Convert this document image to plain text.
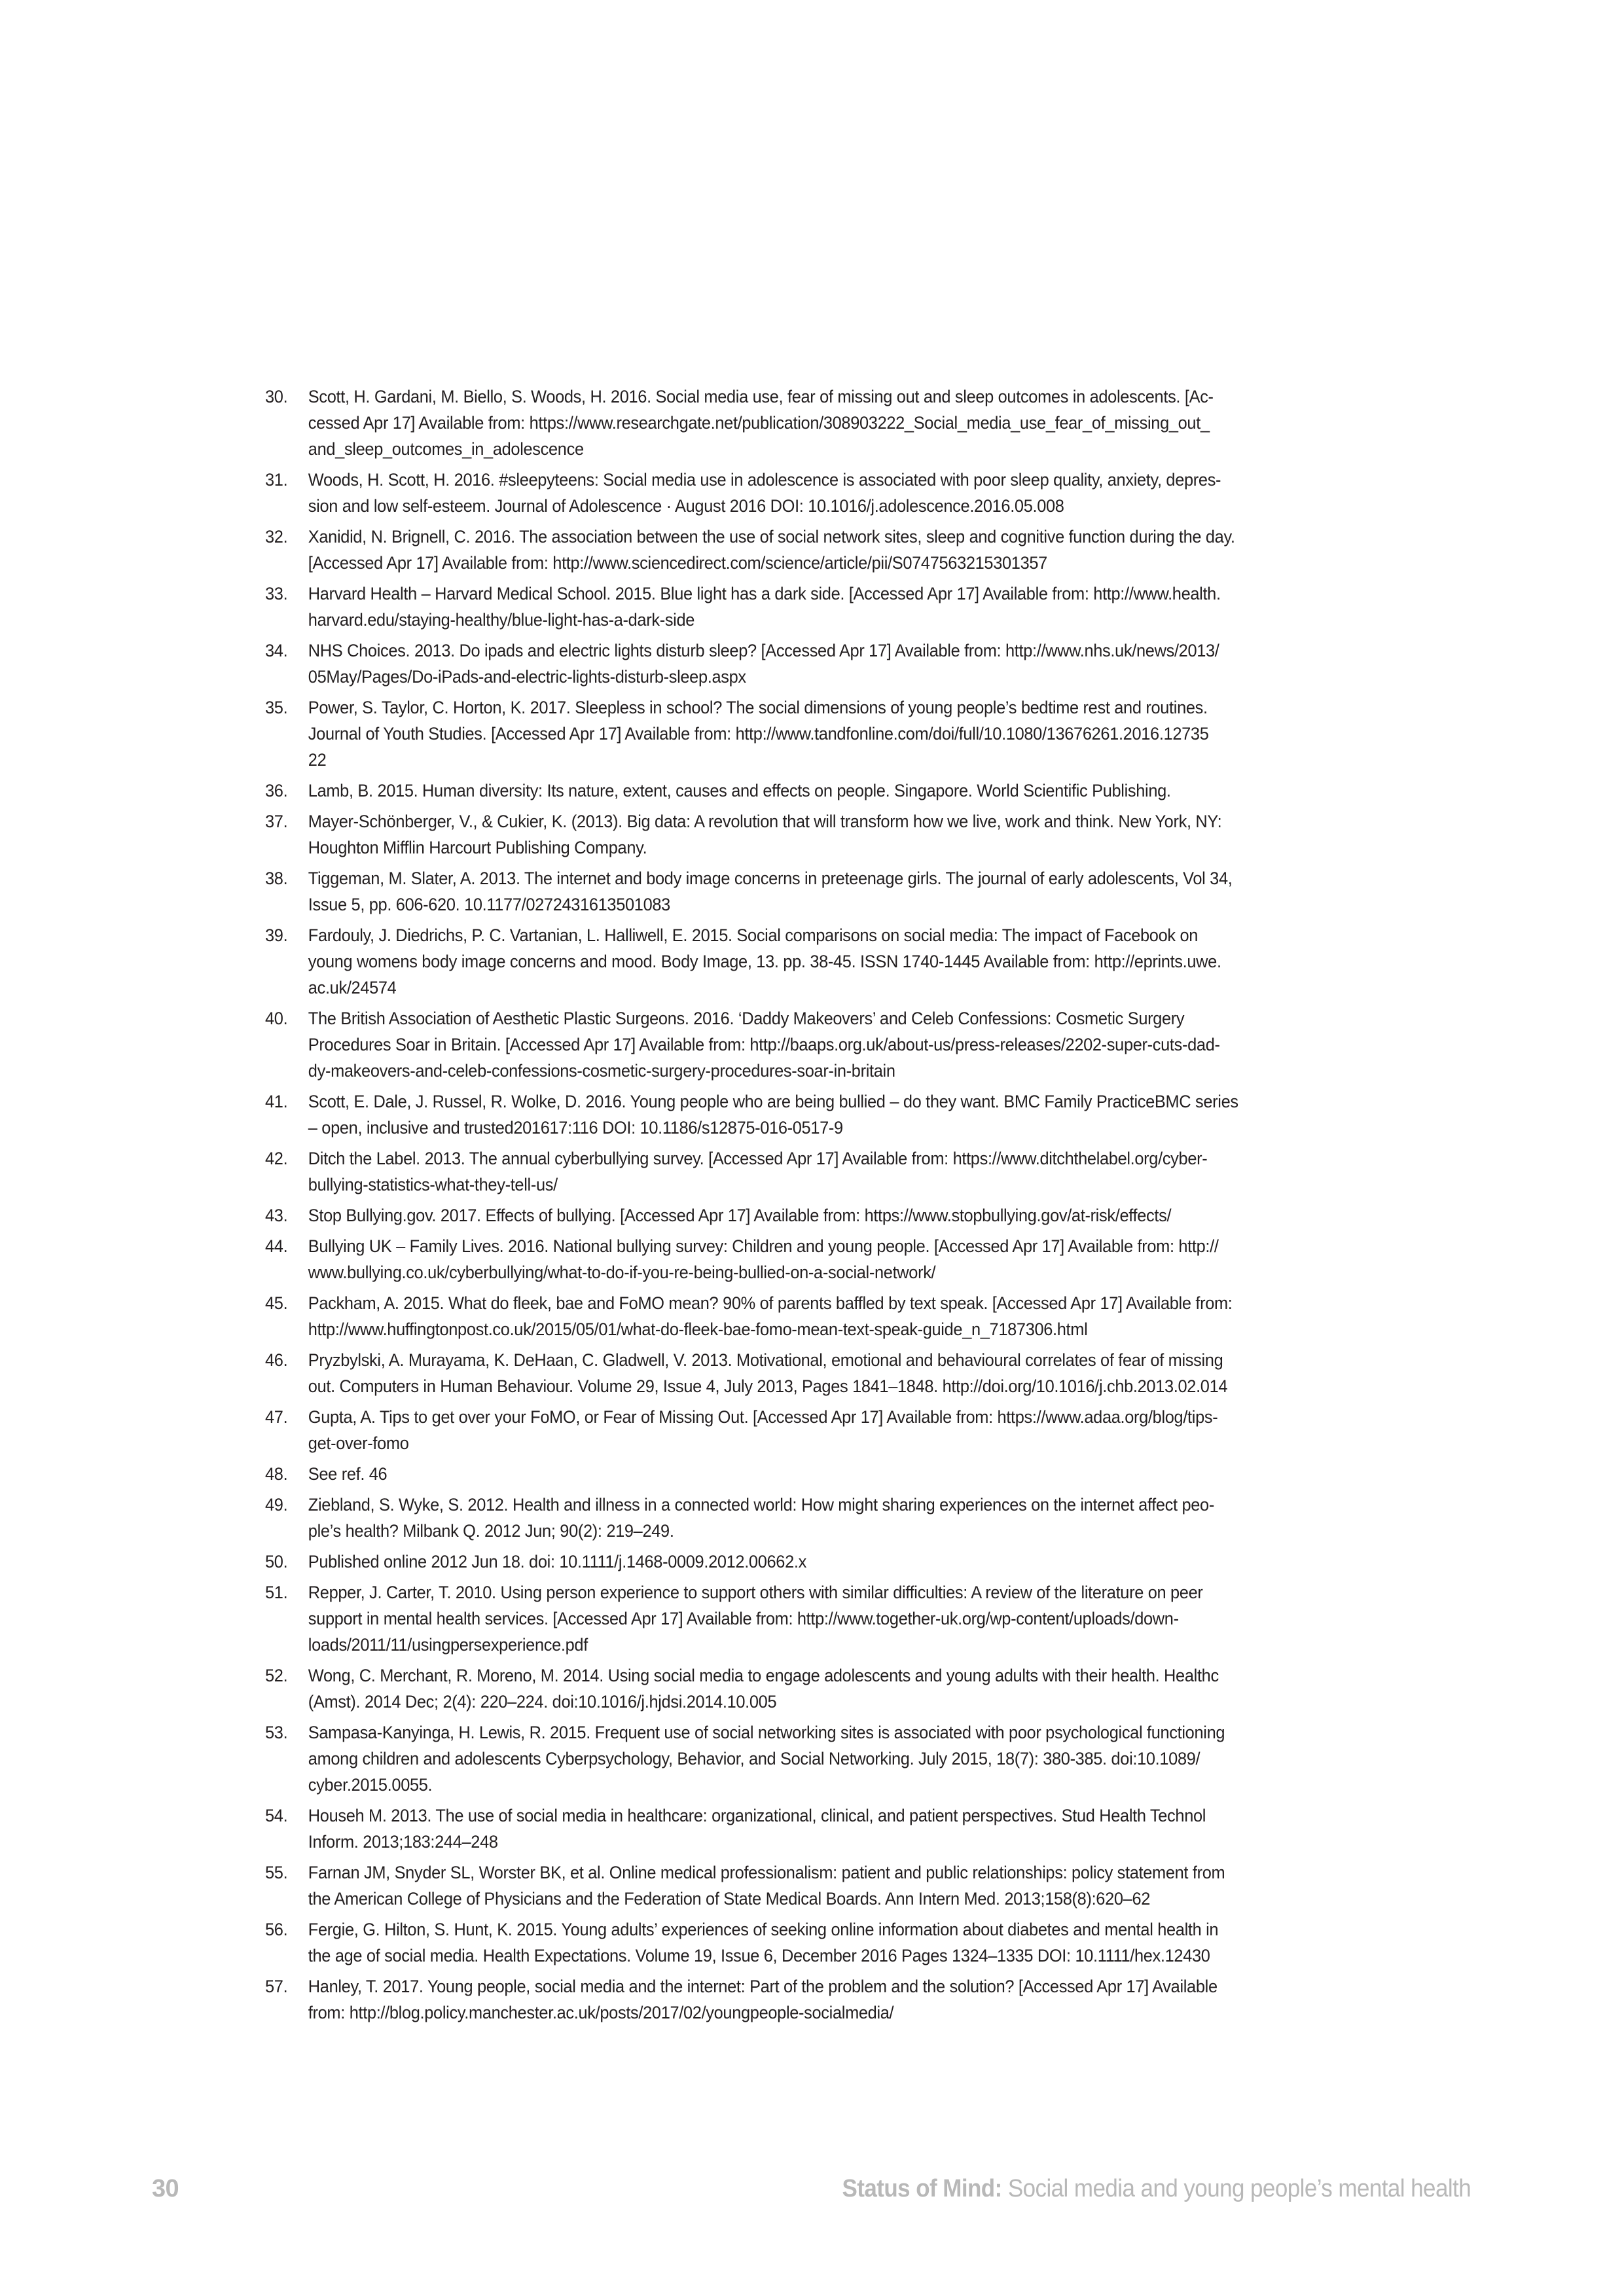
30.	Scott, H. Gardani, M. Biello, S. Woods, H. 2016. Social media use, fear of missing out and sleep outcomes in adolescents. [Ac-
cessed Apr 17] Available from: https://www.researchgate.net/publication/308903222_Social_media_use_fear_of_missing_out_
and_sleep_outcomes_in_adolescence
31.	Woods, H. Scott, H. 2016. #sleepyteens: Social media use in adolescence is associated with poor sleep quality, anxiety, depres-
sion and low self-esteem. Journal of Adolescence · August 2016 DOI: 10.1016/j.adolescence.2016.05.008
32.	Xanidid, N. Brignell, C. 2016. The association between the use of social network sites, sleep and cognitive function during the day.
[Accessed Apr 17] Available from: http://www.sciencedirect.com/science/article/pii/S0747563215301357
33.	Harvard Health – Harvard Medical School. 2015. Blue light has a dark side. [Accessed Apr 17] Available from: http://www.health.
harvard.edu/staying-healthy/blue-light-has-a-dark-side
34.	NHS Choices. 2013. Do ipads and electric lights disturb sleep? [Accessed Apr 17] Available from: http://www.nhs.uk/news/2013/
05May/Pages/Do-iPads-and-electric-lights-disturb-sleep.aspx
35.	Power, S. Taylor, C. Horton, K. 2017. Sleepless in school? The social dimensions of young people’s bedtime rest and routines.
Journal of Youth Studies. [Accessed Apr 17] Available from: http://www.tandfonline.com/doi/full/10.1080/13676261.2016.12735
22
36.	Lamb, B. 2015. Human diversity: Its nature, extent, causes and effects on people. Singapore. World Scientific Publishing.
37.	Mayer-Schönberger, V., & Cukier, K. (2013). Big data: A revolution that will transform how we live, work and think. New York, NY:
Houghton Mifflin Harcourt Publishing Company.
38.	Tiggeman, M. Slater, A. 2013. The internet and body image concerns in preteenage girls. The journal of early adolescents, Vol 34,
Issue 5, pp. 606-620. 10.1177/0272431613501083
39.	Fardouly, J. Diedrichs, P. C. Vartanian, L. Halliwell, E. 2015. Social comparisons on social media: The impact of Facebook on
young womens body image concerns and mood. Body Image, 13. pp. 38-45. ISSN 1740-1445 Available from: http://eprints.uwe.
ac.uk/24574
40.	The British Association of Aesthetic Plastic Surgeons. 2016. ‘Daddy Makeovers’ and Celeb Confessions: Cosmetic Surgery
Procedures Soar in Britain. [Accessed Apr 17] Available from: http://baaps.org.uk/about-us/press-releases/2202-super-cuts-dad-
dy-makeovers-and-celeb-confessions-cosmetic-surgery-procedures-soar-in-britain
41.	Scott, E. Dale, J. Russel, R. Wolke, D. 2016. Young people who are being bullied – do they want. BMC Family PracticeBMC series
– open, inclusive and trusted201617:116 DOI: 10.1186/s12875-016-0517-9
42.	Ditch the Label. 2013. The annual cyberbullying survey. [Accessed Apr 17] Available from: https://www.ditchthelabel.org/cyber-
bullying-statistics-what-they-tell-us/
43.	Stop Bullying.gov. 2017. Effects of bullying. [Accessed Apr 17] Available from: https://www.stopbullying.gov/at-risk/effects/
44.	Bullying UK – Family Lives. 2016. National bullying survey: Children and young people. [Accessed Apr 17] Available from: http://
www.bullying.co.uk/cyberbullying/what-to-do-if-you-re-being-bullied-on-a-social-network/
45.	Packham, A. 2015. What do fleek, bae and FoMO mean? 90% of parents baffled by text speak. [Accessed Apr 17] Available from:
http://www.huffingtonpost.co.uk/2015/05/01/what-do-fleek-bae-fomo-mean-text-speak-guide_n_7187306.html
46.	Pryzbylski, A. Murayama, K. DeHaan, C. Gladwell, V. 2013. Motivational, emotional and behavioural correlates of fear of missing
out. Computers in Human Behaviour. Volume 29, Issue 4, July 2013, Pages 1841–1848. http://doi.org/10.1016/j.chb.2013.02.014
47.	Gupta, A. Tips to get over your FoMO, or Fear of Missing Out. [Accessed Apr 17] Available from: https://www.adaa.org/blog/tips-
get-over-fomo
48.	See ref. 46
49.	Ziebland, S. Wyke, S. 2012. Health and illness in a connected world: How might sharing experiences on the internet affect peo-
ple’s health? Milbank Q. 2012 Jun; 90(2): 219–249.
50.	Published online 2012 Jun 18. doi: 10.1111/j.1468-0009.2012.00662.x
51.	Repper, J. Carter, T. 2010. Using person experience to support others with similar difficulties: A review of the literature on peer
support in mental health services. [Accessed Apr 17] Available from: http://www.together-uk.org/wp-content/uploads/down-
loads/2011/11/usingpersexperience.pdf
52.	Wong, C. Merchant, R. Moreno, M. 2014. Using social media to engage adolescents and young adults with their health. Healthc
(Amst). 2014 Dec; 2(4): 220–224. doi:10.1016/j.hjdsi.2014.10.005
53.	Sampasa-Kanyinga, H. Lewis, R. 2015. Frequent use of social networking sites is associated with poor psychological functioning
among children and adolescents Cyberpsychology, Behavior, and Social Networking. July 2015, 18(7): 380-385. doi:10.1089/
cyber.2015.0055.
54.	Househ M. 2013. The use of social media in healthcare: organizational, clinical, and patient perspectives. Stud Health Technol
Inform. 2013;183:244–248
55.	Farnan JM, Snyder SL, Worster BK, et al. Online medical professionalism: patient and public relationships: policy statement from
the American College of Physicians and the Federation of State Medical Boards. Ann Intern Med. 2013;158(8):620–62
56.	Fergie, G. Hilton, S. Hunt, K. 2015. Young adults’ experiences of seeking online information about diabetes and mental health in
the age of social media. Health Expectations. Volume 19, Issue 6, December 2016 Pages 1324–1335 DOI: 10.1111/hex.12430
57.	Hanley, T. 2017. Young people, social media and the internet: Part of the problem and the solution? [Accessed Apr 17] Available
from: http://blog.policy.manchester.ac.uk/posts/2017/02/youngpeople-socialmedia/
30	Status of Mind: Social media and young people’s mental health
